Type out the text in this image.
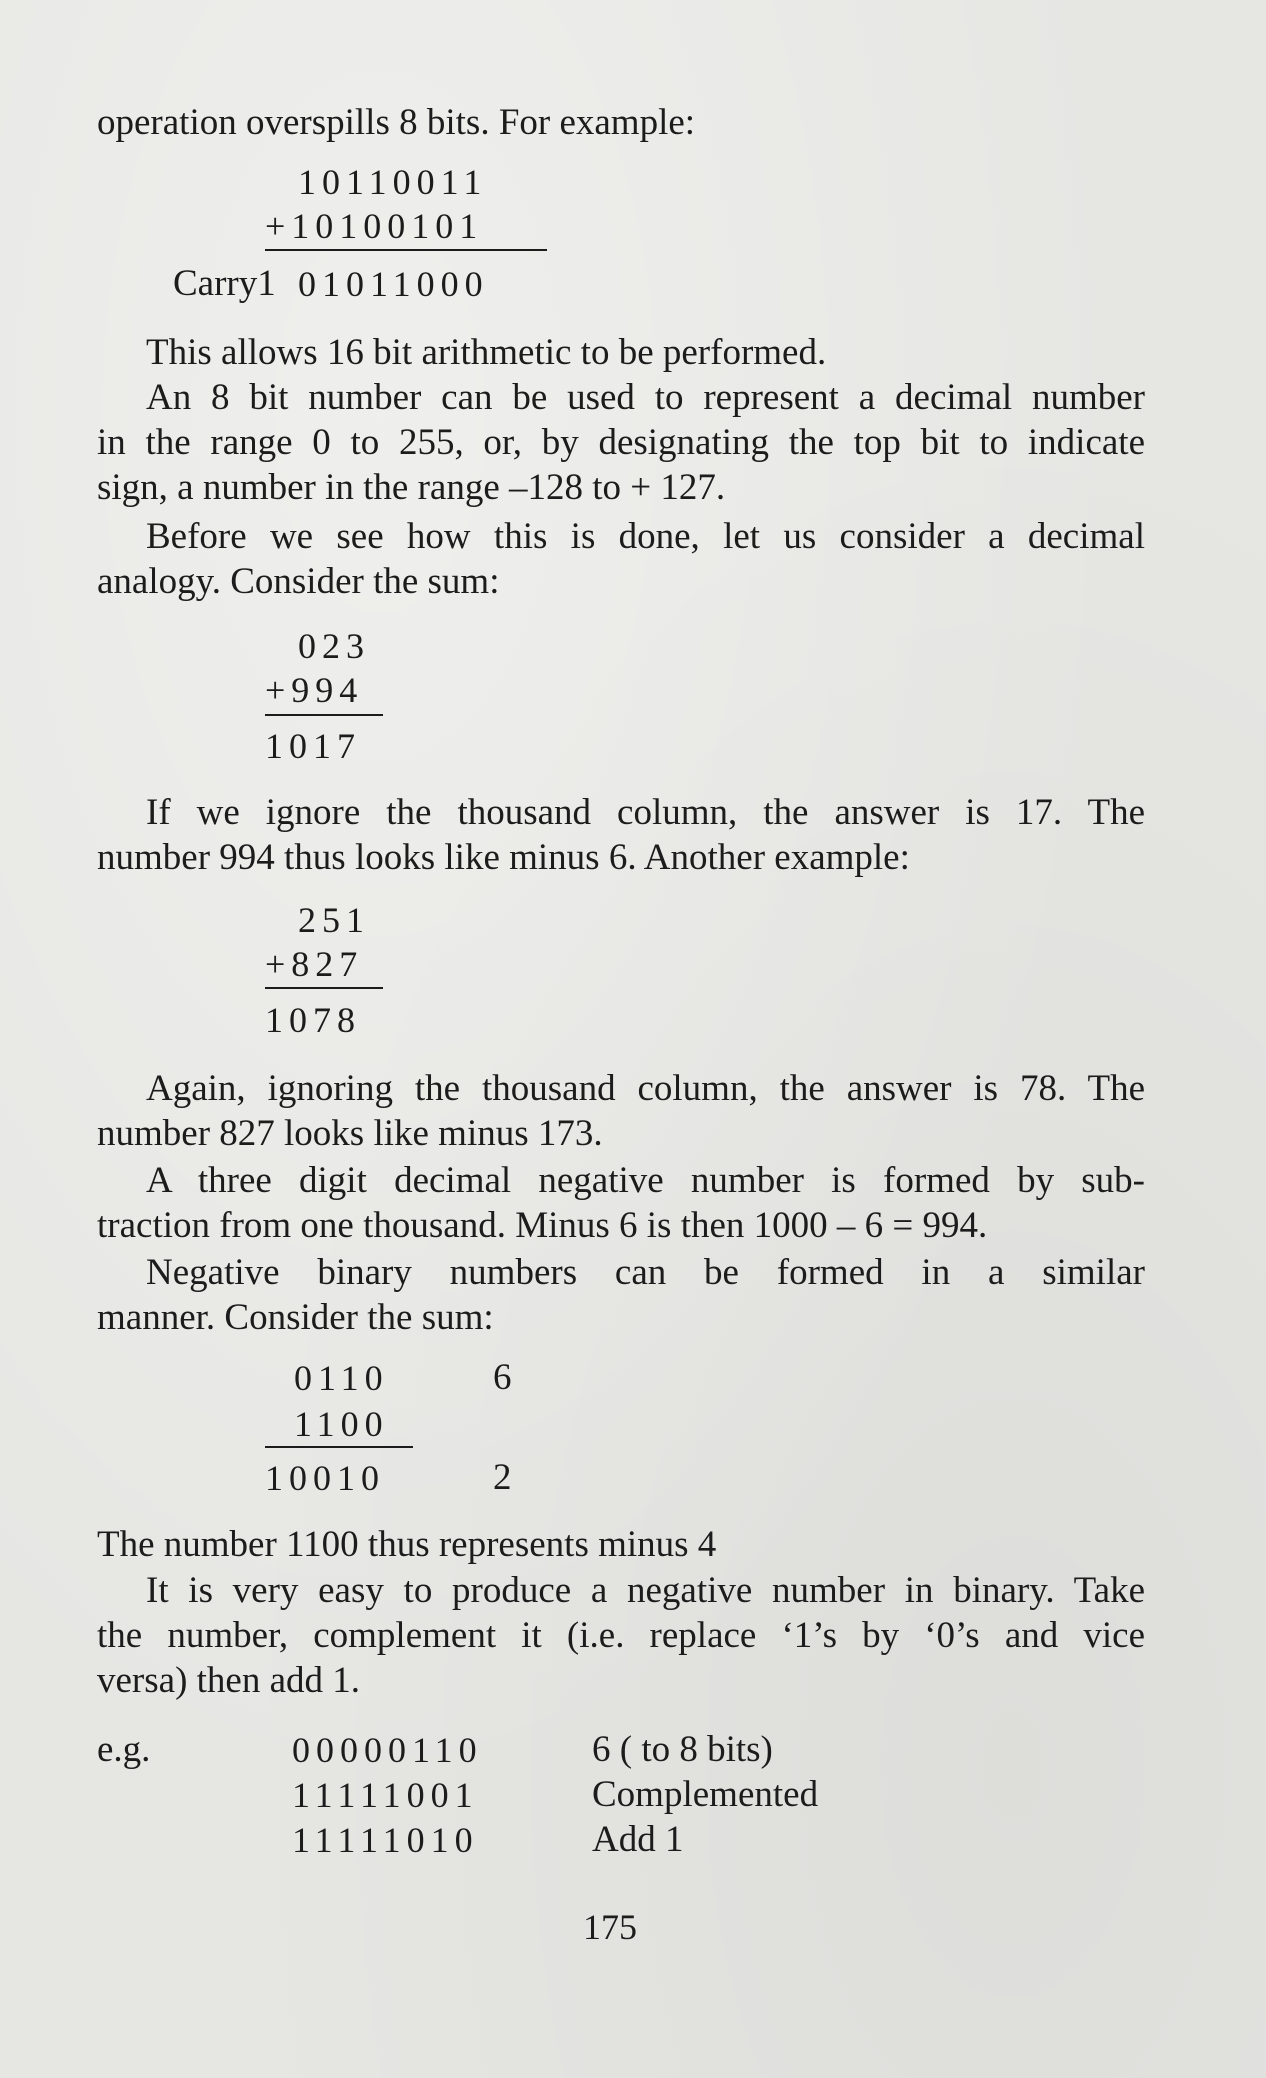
operation overspills 8 bits. For example:

10110011
+10100101
Carry1 01011000

This allows 16 bit arithmetic to be performed.

An 8 bit number can be used to represent a decimal number

in the range 0 to 255, or, by designating the top bit to indicate

sign, a number in the range –128 to + 127.

Before we see how this is done, let us consider a decimal

analogy. Consider the sum:

023
+994
1017

If we ignore the thousand column, the answer is 17. The

number 994 thus looks like minus 6. Another example:

251
+827
1078

Again, ignoring the thousand column, the answer is 78. The

number 827 looks like minus 173.

A three digit decimal negative number is formed by sub-

traction from one thousand. Minus 6 is then 1000 – 6 = 994.

Negative binary numbers can be formed in a similar

manner. Consider the sum:

0110	6
1100
10010	2

The number 1100 thus represents minus 4

It is very easy to produce a negative number in binary. Take

the number, complement it (i.e. replace ‘1’s by ‘0’s and vice

versa) then add 1.

e.g.	00000110	6 ( to 8 bits)
11111001	Complemented
11111010	Add 1
175
